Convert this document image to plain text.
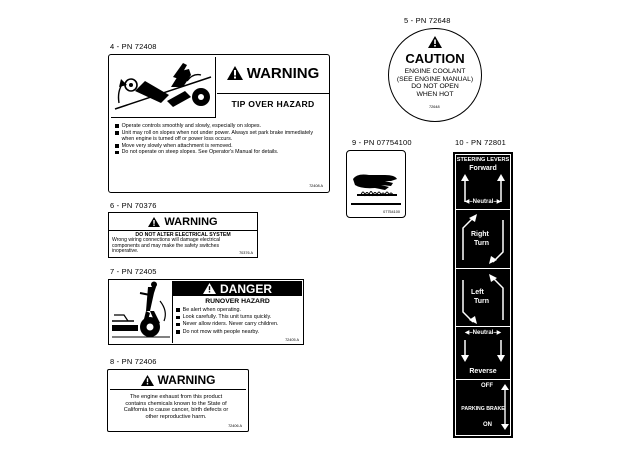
4 - PN 72408
WARNING
TIP OVER HAZARD
Operate controls smoothly and slowly, especially on slopes.
Unit may roll on slopes when not under power. Always set park brake immediately when engine is turned off or power loss occurs.
Move very slowly when attachment is removed.
Do not operate on steep slopes. See Operator's Manual for details.
72408 A
5 - PN 72648
CAUTION
ENGINE COOLANT
(SEE ENGINE MANUAL)
DO NOT OPEN
WHEN HOT
72648
6 - PN 70376
WARNING
DO NOT ALTER ELECTRICAL SYSTEM
Wrong wiring connections will damage electrical components and may make the safety switches inoperative.	70376 A
7 - PN 72405
DANGER
RUNOVER HAZARD
Be alert when operating.
Look carefully. This unit turns quickly.
Never allow riders. Never carry children.
Do not mow with people nearby.
72405 A
8 - PN 72406
WARNING
The engine exhaust from this product contains chemicals known to the State of California to cause cancer, birth defects or other reproductive harm.
72406 A
9 - PN 07754100
07754100
10 - PN 72801
STEERING LEVERS
Forward
◀–Neutral–▶
Right
Turn
Left
Turn
◀–Neutral–▶
Reverse
OFF
PARKING BRAKE
ON
